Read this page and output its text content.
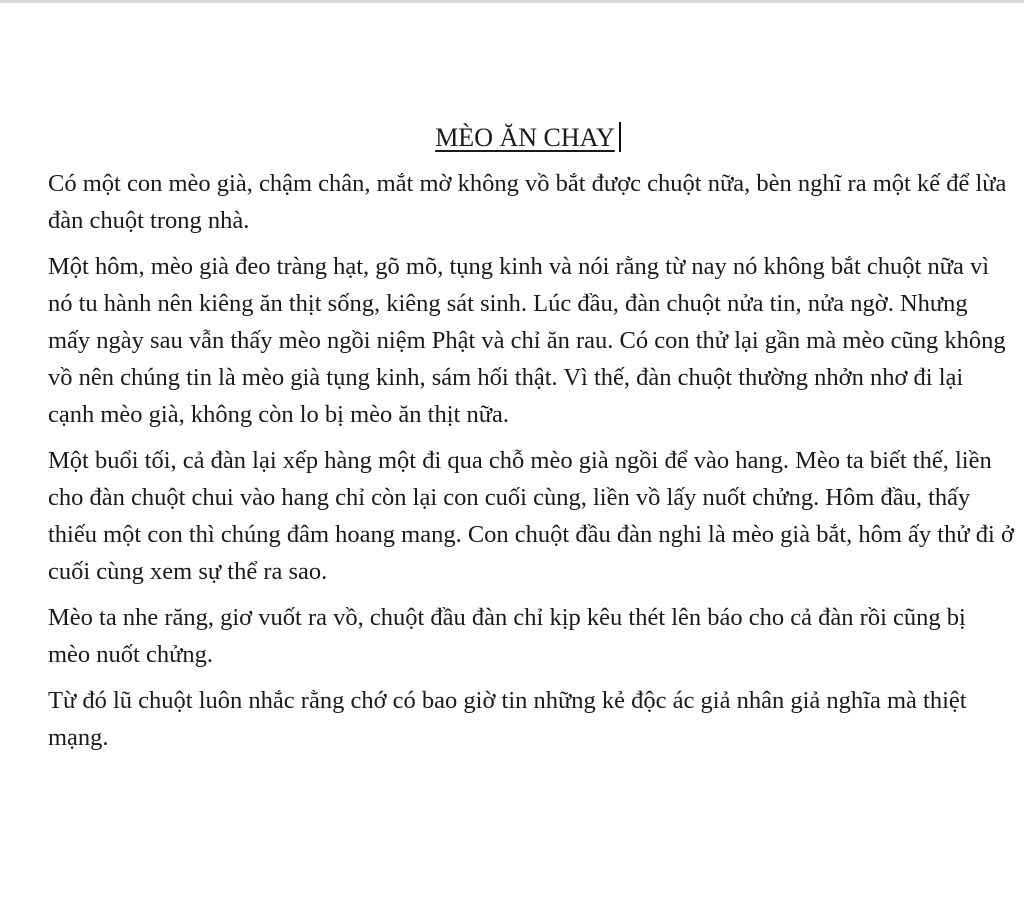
MÈO ĂN CHAY

Có một con mèo già, chậm chân, mắt mờ không vồ bắt được chuột nữa, bèn nghĩ ra một kế để lừa đàn chuột trong nhà.

Một hôm, mèo già đeo tràng hạt, gõ mõ, tụng kinh và nói rằng từ nay nó không bắt chuột nữa vì nó tu hành nên kiêng ăn thịt sống, kiêng sát sinh. Lúc đầu, đàn chuột nửa tin, nửa ngờ. Nhưng mấy ngày sau vẫn thấy mèo ngồi niệm Phật và chỉ ăn rau. Có con thử lại gần mà mèo cũng không vồ nên chúng tin là mèo già tụng kinh, sám hối thật. Vì thế, đàn chuột thường nhởn nhơ đi lại cạnh mèo già, không còn lo bị mèo ăn thịt nữa.

Một buổi tối, cả đàn lại xếp hàng một đi qua chỗ mèo già ngồi để vào hang. Mèo ta biết thế, liền cho đàn chuột chui vào hang chỉ còn lại con cuối cùng, liền vồ lấy nuốt chửng. Hôm đầu, thấy thiếu một con thì chúng đâm hoang mang. Con chuột đầu đàn nghi là mèo già bắt, hôm ấy thử đi ở cuối cùng xem sự thể ra sao.

Mèo ta nhe răng, giơ vuốt ra vồ, chuột đầu đàn chỉ kịp kêu thét lên báo cho cả đàn rồi cũng bị mèo nuốt chửng.

Từ đó lũ chuột luôn nhắc rằng chớ có bao giờ tin những kẻ độc ác giả nhân giả nghĩa mà thiệt mạng.
